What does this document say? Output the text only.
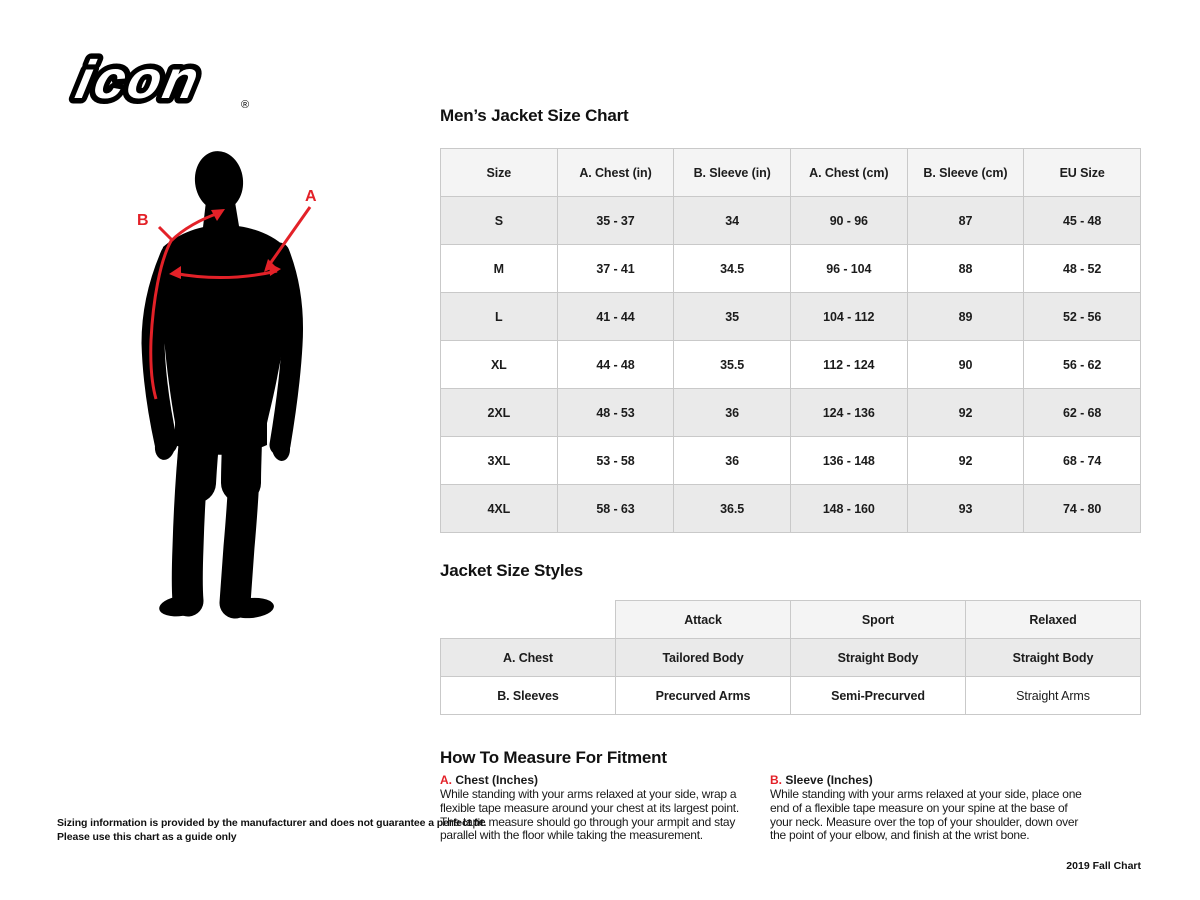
icon	®
B
A
Men’s Jacket Size Chart
Size	A. Chest (in)	B. Sleeve (in)	A. Chest (cm)	B. Sleeve (cm)	EU Size
S	35 - 37	34	90 - 96	87	45 - 48
M	37 - 41	34.5	96 - 104	88	48 - 52
L	41 - 44	35	104 - 112	89	52 - 56
XL	44 - 48	35.5	112 - 124	90	56 - 62
2XL	48 - 53	36	124 - 136	92	62 - 68
3XL	53 - 58	36	136 - 148	92	68 - 74
4XL	58 - 63	36.5	148 - 160	93	74 - 80
Jacket Size Styles
	Attack	Sport	Relaxed
A. Chest	Tailored Body	Straight Body	Straight Body
B. Sleeves	Precurved Arms	Semi-Precurved	Straight Arms
How To Measure For Fitment
A. Chest (Inches)
While standing with your arms relaxed at your side, wrap a flexible tape measure around your chest at its largest point. The tape measure should go through your armpit and stay parallel with the floor while taking the measurement.
B. Sleeve (Inches)
While standing with your arms relaxed at your side, place one end of a flexible tape measure on your spine at the base of your neck. Measure over the top of your shoulder, down over the point of your elbow, and finish at the wrist bone.
Sizing information is provided by the manufacturer and does not guarantee a perfect fit.
Please use this chart as a guide only
2019 Fall Chart
